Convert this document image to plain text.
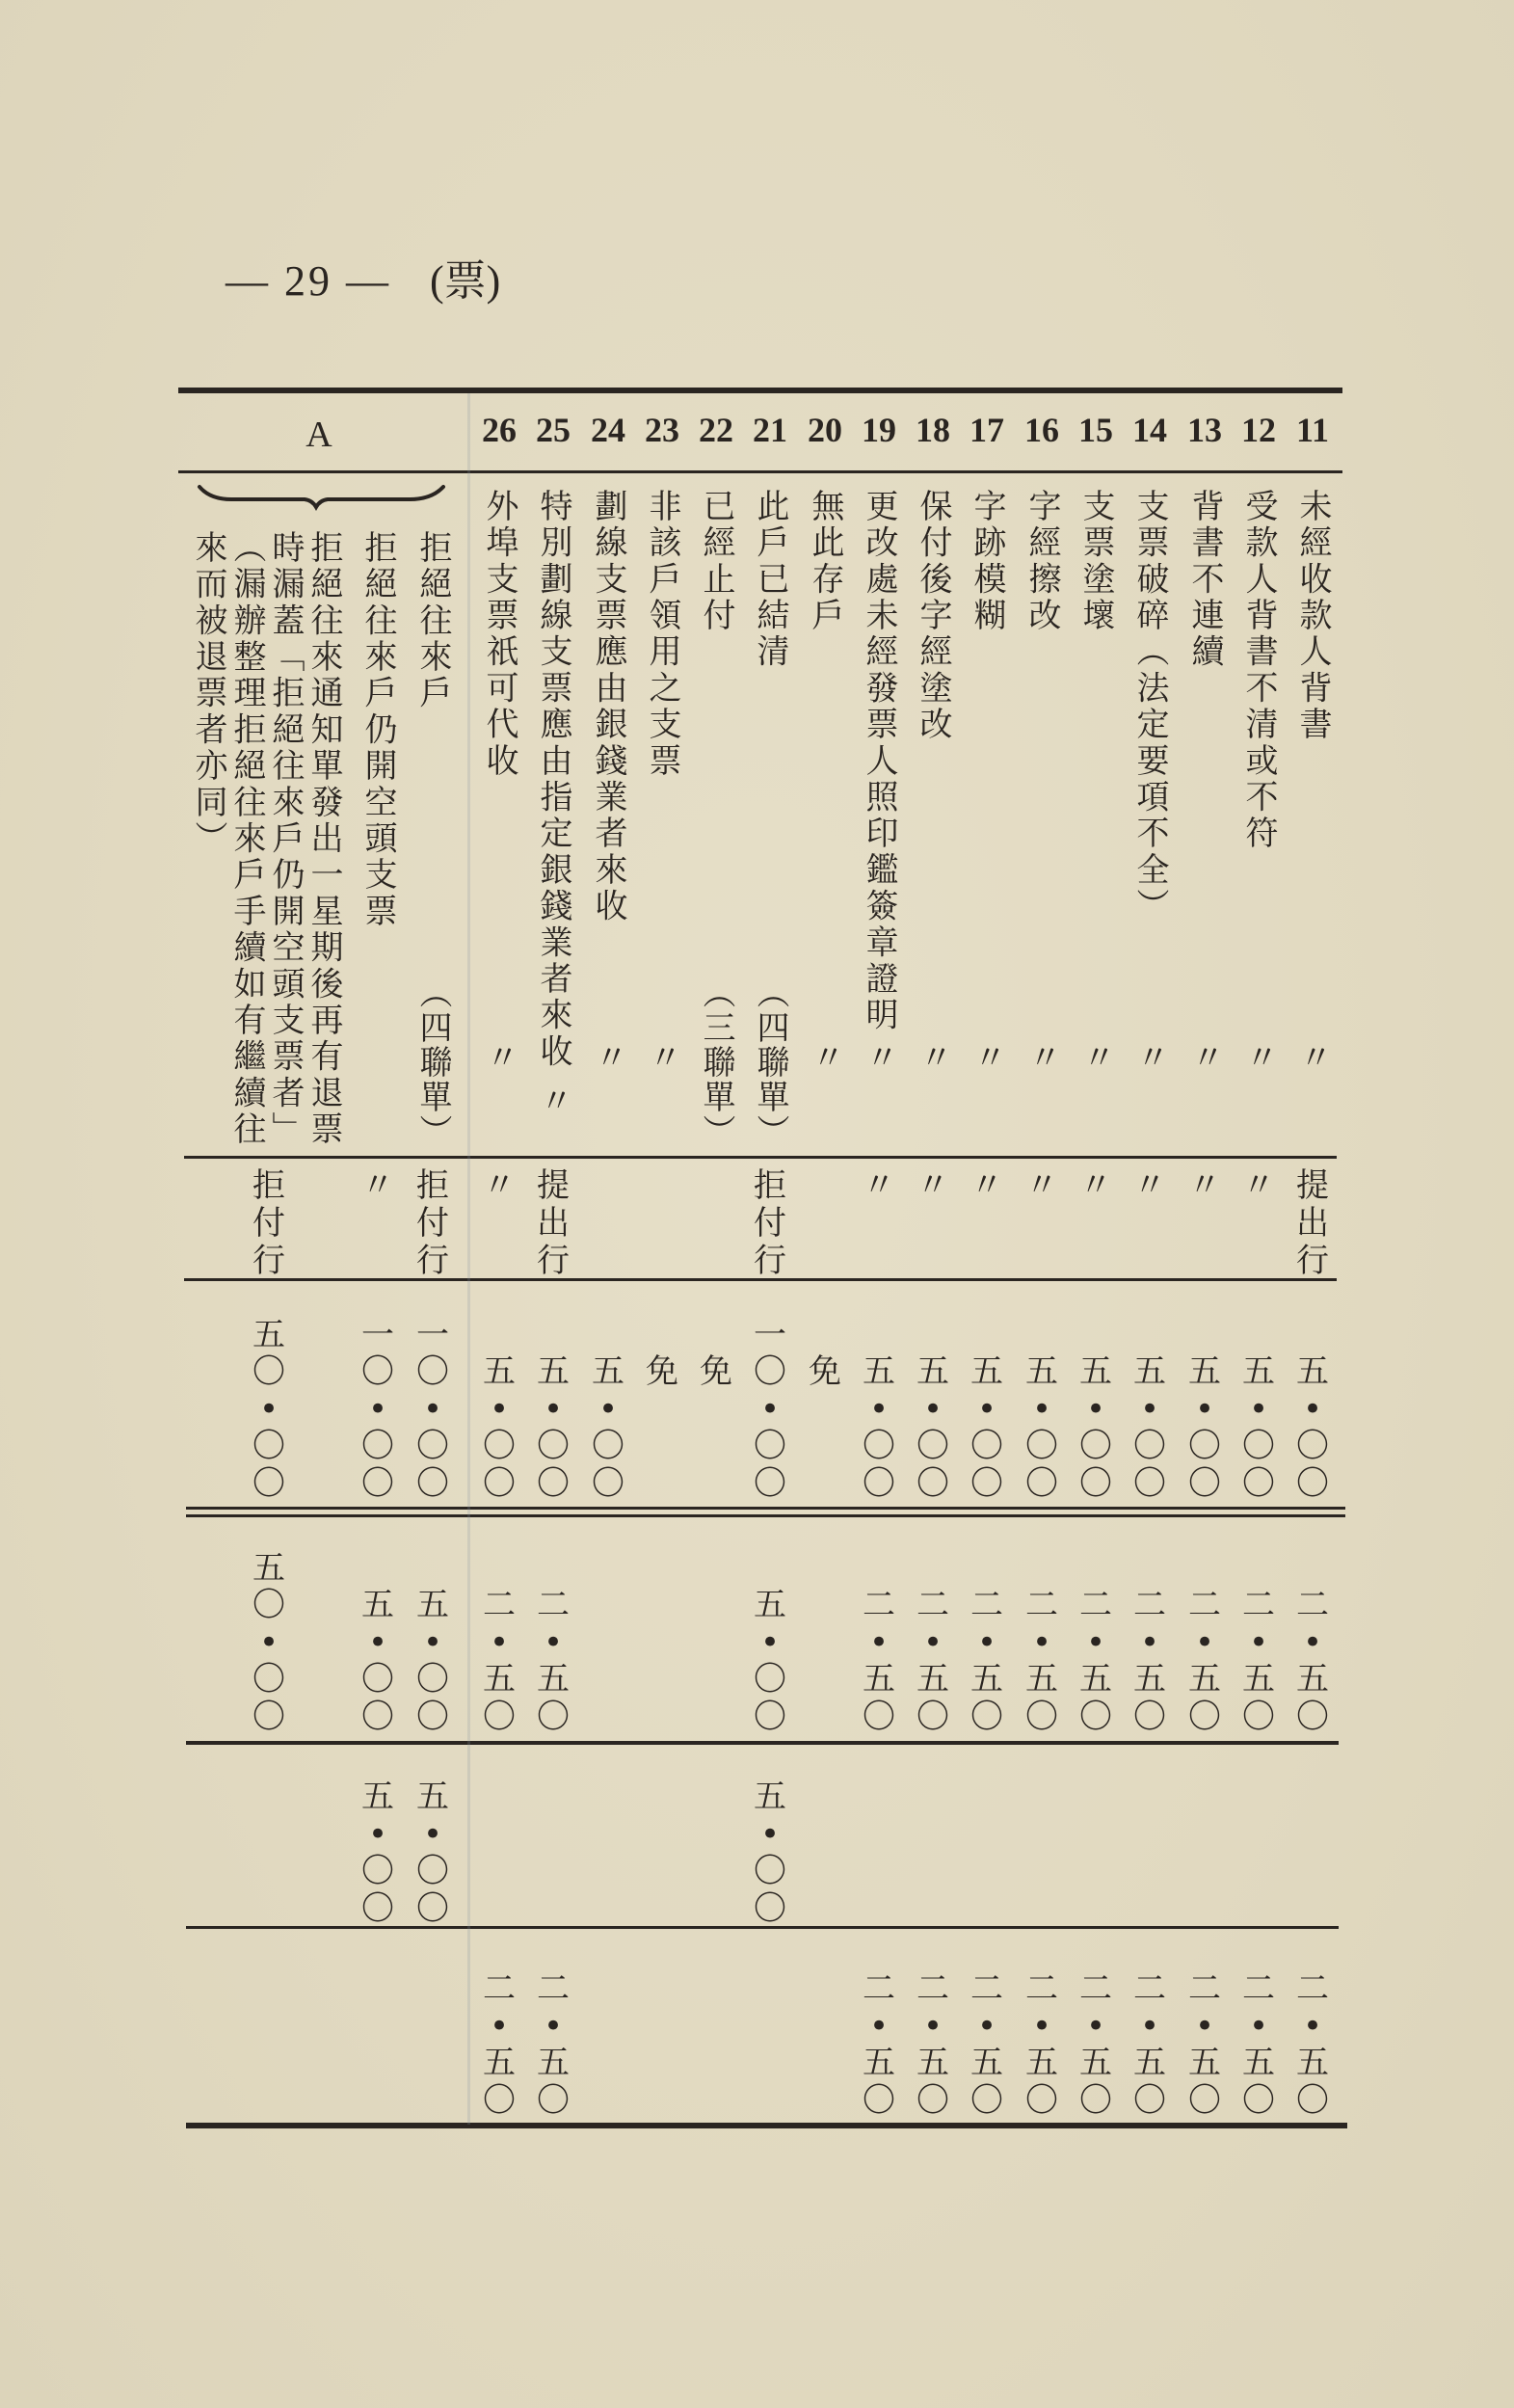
— 29 — (票)
A
拒絕往來戶
（四聯單）
拒付行
一〇•〇〇
五•〇〇
五•〇〇
拒絕往來戶仍開空頭支票
〃
一〇•〇〇
五•〇〇
五•〇〇
拒絕往來通知單發出一星期後再有退票
時漏蓋「拒絕往來戶仍開空頭支票者」
（漏辦整理拒絕往來戶手續如有繼續往
來而被退票者亦同）
拒付行
五〇•〇〇
五〇•〇〇
11
未經收款人背書
〃
提出行
五•〇〇
二•五〇
二•五〇
12
受款人背書不清或不符
〃
〃
五•〇〇
二•五〇
二•五〇
13
背書不連續
〃
〃
五•〇〇
二•五〇
二•五〇
14
支票破碎（法定要項不全）
〃
〃
五•〇〇
二•五〇
二•五〇
15
支票塗壞
〃
〃
五•〇〇
二•五〇
二•五〇
16
字經擦改
〃
〃
五•〇〇
二•五〇
二•五〇
17
字跡模糊
〃
〃
五•〇〇
二•五〇
二•五〇
18
保付後字經塗改
〃
〃
五•〇〇
二•五〇
二•五〇
19
更改處未經發票人照印鑑簽章證明
〃
〃
五•〇〇
二•五〇
二•五〇
20
無此存戶
〃
免
21
此戶已結清
（四聯單）
拒付行
一〇•〇〇
五•〇〇
五•〇〇
22
已經止付
（三聯單）
免
23
非該戶領用之支票
〃
免
24
劃線支票應由銀錢業者來收
〃
五•〇〇
25
特別劃線支票應由指定銀錢業者來收
〃
提出行
五•〇〇
二•五〇
二•五〇
26
外埠支票祇可代收
〃
〃
五•〇〇
二•五〇
二•五〇
